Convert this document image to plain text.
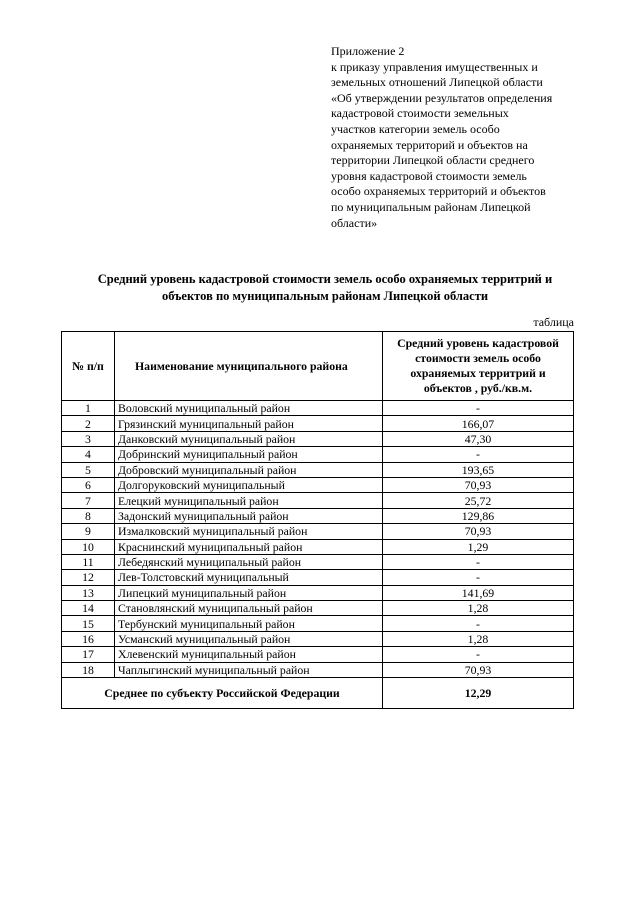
Приложение 2
к приказу управления имущественных и
земельных отношений Липецкой области
«Об утверждении результатов определения
кадастровой стоимости земельных
участков категории земель особо
охраняемых территорий и объектов на
территории Липецкой области среднего
уровня кадастровой стоимости земель
особо охраняемых территорий и объектов
по муниципальным районам Липецкой
области»
Средний уровень кадастровой стоимости земель особо охраняемых территрий и
объектов по муниципальным районам Липецкой области
таблица
№ п/п	Наименование муниципального района	Средний уровень кадастровой стоимости земель особо охраняемых территрий и объектов , руб./кв.м.
1	Воловский муниципальный район	-
2	Грязинский муниципальный район	166,07
3	Данковский муниципальный район	47,30
4	Добринский муниципальный район	-
5	Добровский муниципальный район	193,65
6	Долгоруковский муниципальный	70,93
7	Елецкий муниципальный район	25,72
8	Задонский муниципальный район	129,86
9	Измалковский муниципальный район	70,93
10	Краснинский муниципальный район	1,29
11	Лебедянский муниципальный район	-
12	Лев-Толстовский муниципальный	-
13	Липецкий муниципальный район	141,69
14	Становлянский муниципальный район	1,28
15	Тербунский муниципальный район	-
16	Усманский муниципальный район	1,28
17	Хлевенский муниципальный район	-
18	Чаплыгинский муниципальный район	70,93
Среднее по субъекту Российской Федерации		12,29
